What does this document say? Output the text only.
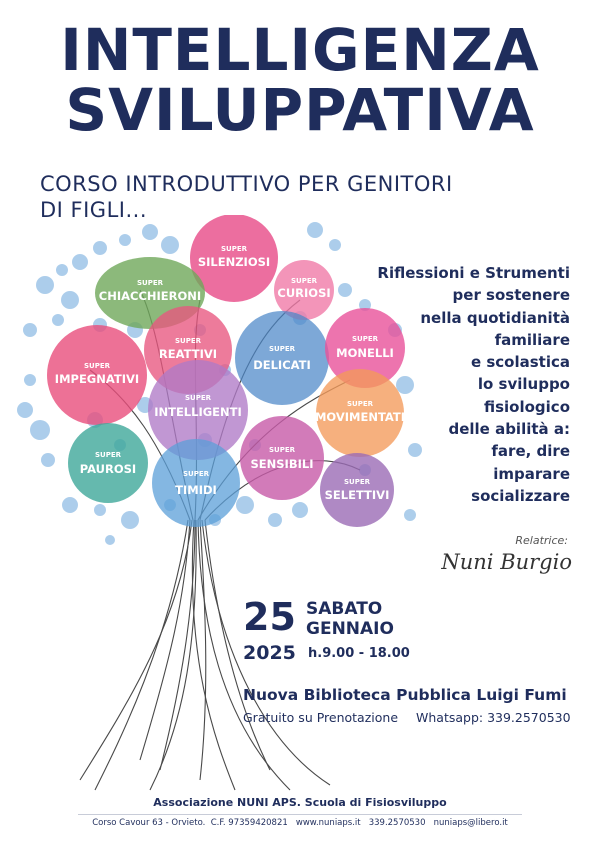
INTELLIGENZA
SVILUPPATIVA
CORSO INTRODUTTIVO PER GENITORI
DI FIGLI...
SUPER
SILENZIOSI
SUPER
CURIOSI
SUPER
CHIACCHIERONI
SUPER
REATTIVI	SUPER
DELICATI
SUPER
MONELLI
SUPER
IMPEGNATIVI
SUPER
INTELLIGENTI
SUPER
MOVIMENTATI
SUPER
PAUROSI
SUPER
SENSIBILI
SUPER
TIMIDI
SUPER
SELETTIVI
Riflessioni e Strumenti
per sostenere
nella quotidianità
familiare
e scolastica
lo sviluppo
fisiologico
delle abilità a:
fare, dire
imparare
socializzare
Relatrice:
Nuni Burgio
25 SABATO
GENNAIO
2025 h.9.00 - 18.00
Nuova Biblioteca Pubblica Luigi Fumi
Gratuito su Prenotazione Whatsapp: 339.2570530
Associazione NUNI APS. Scuola di Fisiosviluppo
Corso Cavour 63 - Orvieto.  C.F. 97359420821   www.nuniaps.it   339.2570530   nuniaps@libero.it
